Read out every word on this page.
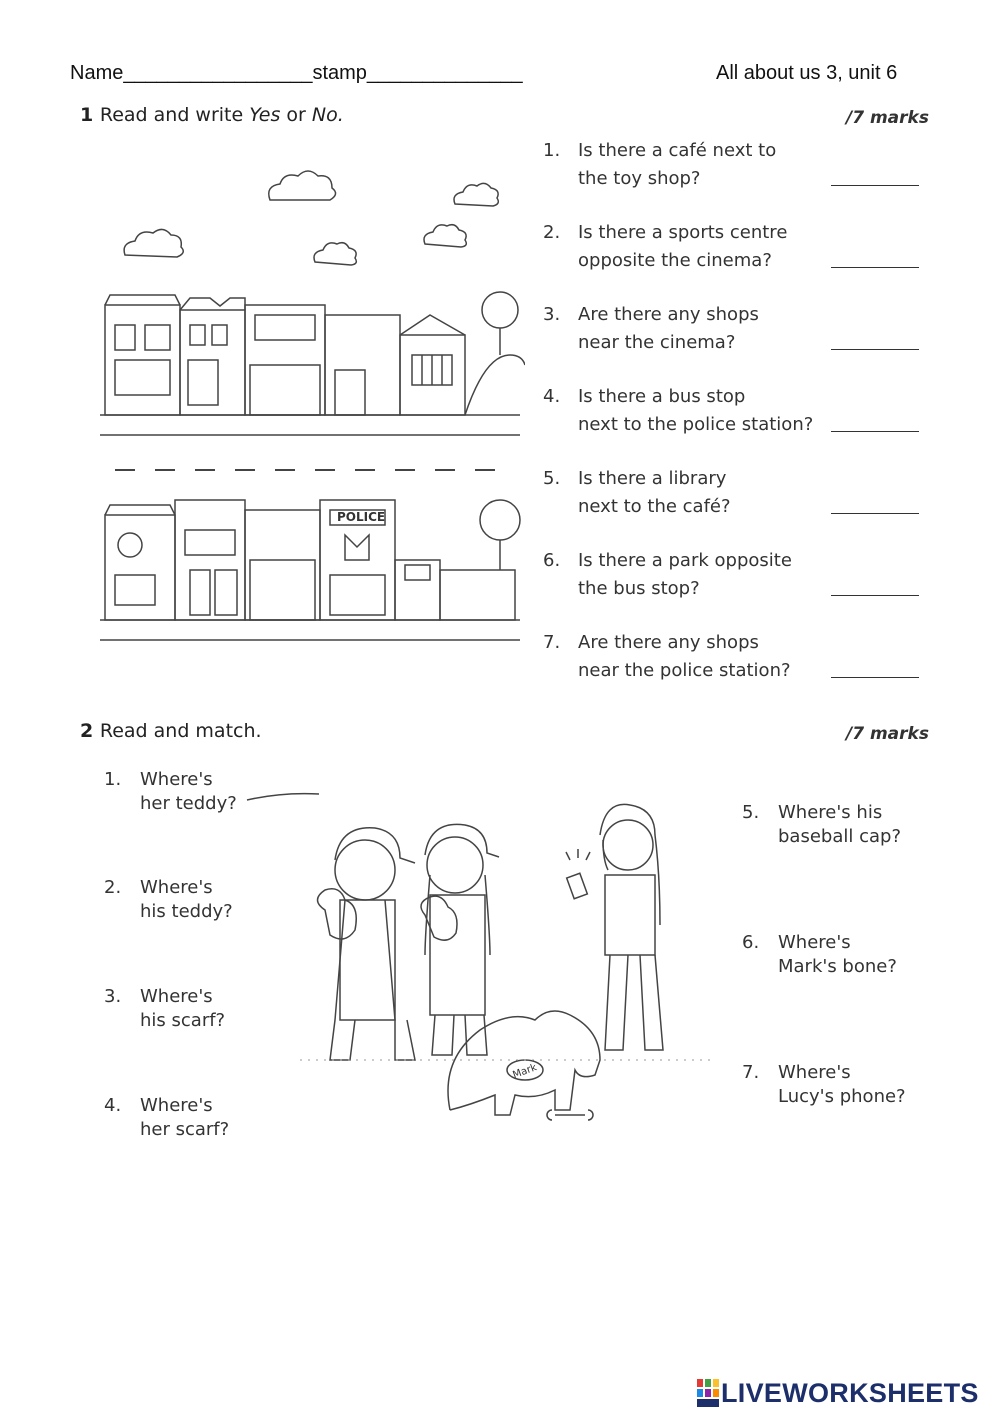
Name_________________stamp______________	All about us 3, unit 6
1 Read and write Yes or No.	/7 marks
POLICE
1. Is there a café next to
the toy shop?
2. Is there a sports centre
opposite the cinema?
3. Are there any shops
near the cinema?
4. Is there a bus stop
next to the police station?
5. Is there a library
next to the café?
6. Is there a park opposite
the bus stop?
7. Are there any shops
near the police station?
2 Read and match.	/7 marks
Mark
1. Where's
her teddy?
2. Where's
his teddy?
3. Where's
his scarf?
4. Where's
her scarf?
5. Where's his
baseball cap?
6. Where's
Mark's bone?
7. Where's
Lucy's phone?
LIVEWORKSHEETS
